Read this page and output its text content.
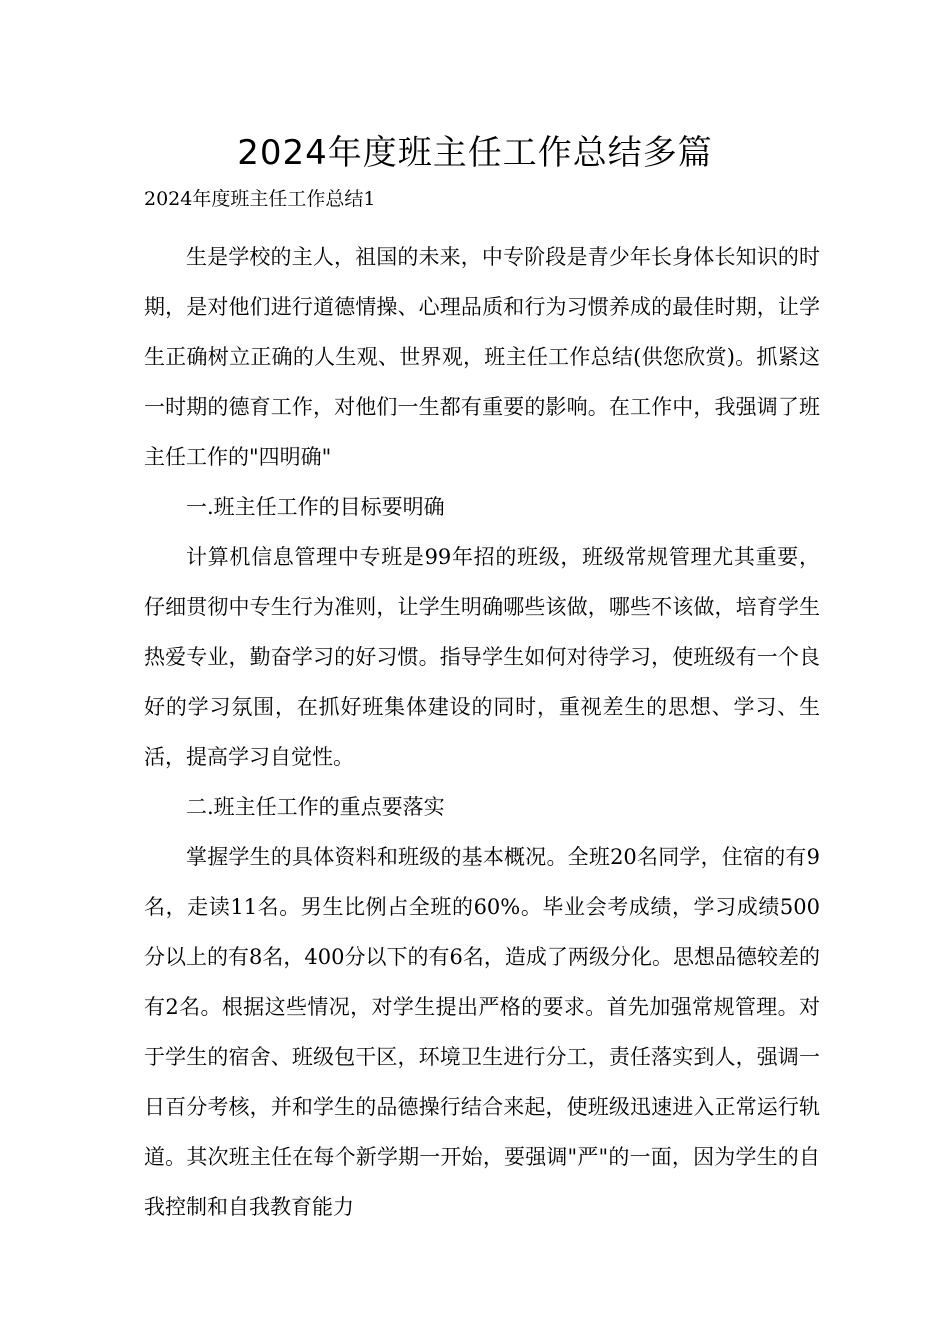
2024年度班主任工作总结多篇

2024年度班主任工作总结1

生是学校的主人，祖国的未来，中专阶段是青少年长身体长知识的时期，是对他们进行道德情操、心理品质和行为习惯养成的最佳时期，让学生正确树立正确的人生观、世界观，班主任工作总结(供您欣赏)。抓紧这一时期的德育工作，对他们一生都有重要的影响。在工作中，我强调了班主任工作的"四明确"

一.班主任工作的目标要明确

计算机信息管理中专班是99年招的班级，班级常规管理尤其重要，仔细贯彻中专生行为准则，让学生明确哪些该做，哪些不该做，培育学生热爱专业，勤奋学习的好习惯。指导学生如何对待学习，使班级有一个良好的学习氛围，在抓好班集体建设的同时，重视差生的思想、学习、生活，提高学习自觉性。

二.班主任工作的重点要落实

掌握学生的具体资料和班级的基本概况。全班20名同学，住宿的有9名，走读11名。男生比例占全班的60%。毕业会考成绩，学习成绩500分以上的有8名，400分以下的有6名，造成了两级分化。思想品德较差的有2名。根据这些情况，对学生提出严格的要求。首先加强常规管理。对于学生的宿舍、班级包干区，环境卫生进行分工，责任落实到人，强调一日百分考核，并和学生的品德操行结合来起，使班级迅速进入正常运行轨道。其次班主任在每个新学期一开始，要强调"严"的一面，因为学生的自我控制和自我教育能力
